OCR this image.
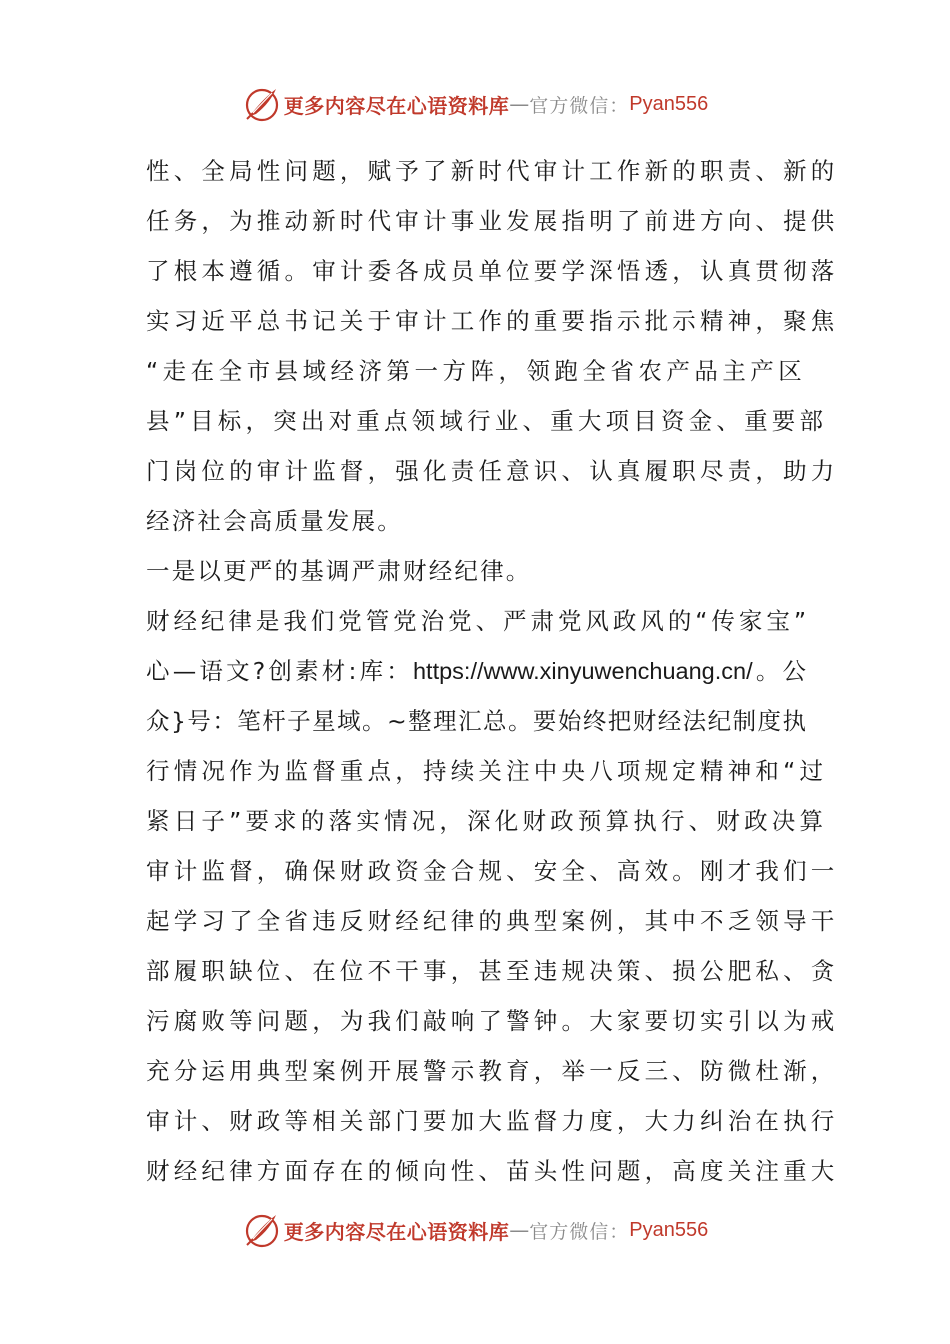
更多内容尽在心语资料库 — 官方微信： Pyan556
性、全局性问题，赋予了新时代审计工作新的职责、新的
任务，为推动新时代审计事业发展指明了前进方向、提供
了根本遵循。审计委各成员单位要学深悟透，认真贯彻落
实习近平总书记关于审计工作的重要指示批示精神，聚焦
“走在全市县域经济第一方阵，领跑全省农产品主产区
县”目标，突出对重点领域行业、重大项目资金、重要部
门岗位的审计监督，强化责任意识、认真履职尽责，助力
经济社会高质量发展。
一是以更严的基调严肃财经纪律。
财经纪律是我们党管党治党、严肃党风政风的“传家宝”
心—语文?创素材:库：https://www.xinyuwenchuang.cn/。公
众}号：笔杆子星域。~整理汇总。要始终把财经法纪制度执
行情况作为监督重点，持续关注中央八项规定精神和“过
紧日子”要求的落实情况，深化财政预算执行、财政决算
审计监督，确保财政资金合规、安全、高效。刚才我们一
起学习了全省违反财经纪律的典型案例，其中不乏领导干
部履职缺位、在位不干事，甚至违规决策、损公肥私、贪
污腐败等问题，为我们敲响了警钟。大家要切实引以为戒
充分运用典型案例开展警示教育，举一反三、防微杜渐，
审计、财政等相关部门要加大监督力度，大力纠治在执行
财经纪律方面存在的倾向性、苗头性问题，高度关注重大
更多内容尽在心语资料库 — 官方微信： Pyan556
